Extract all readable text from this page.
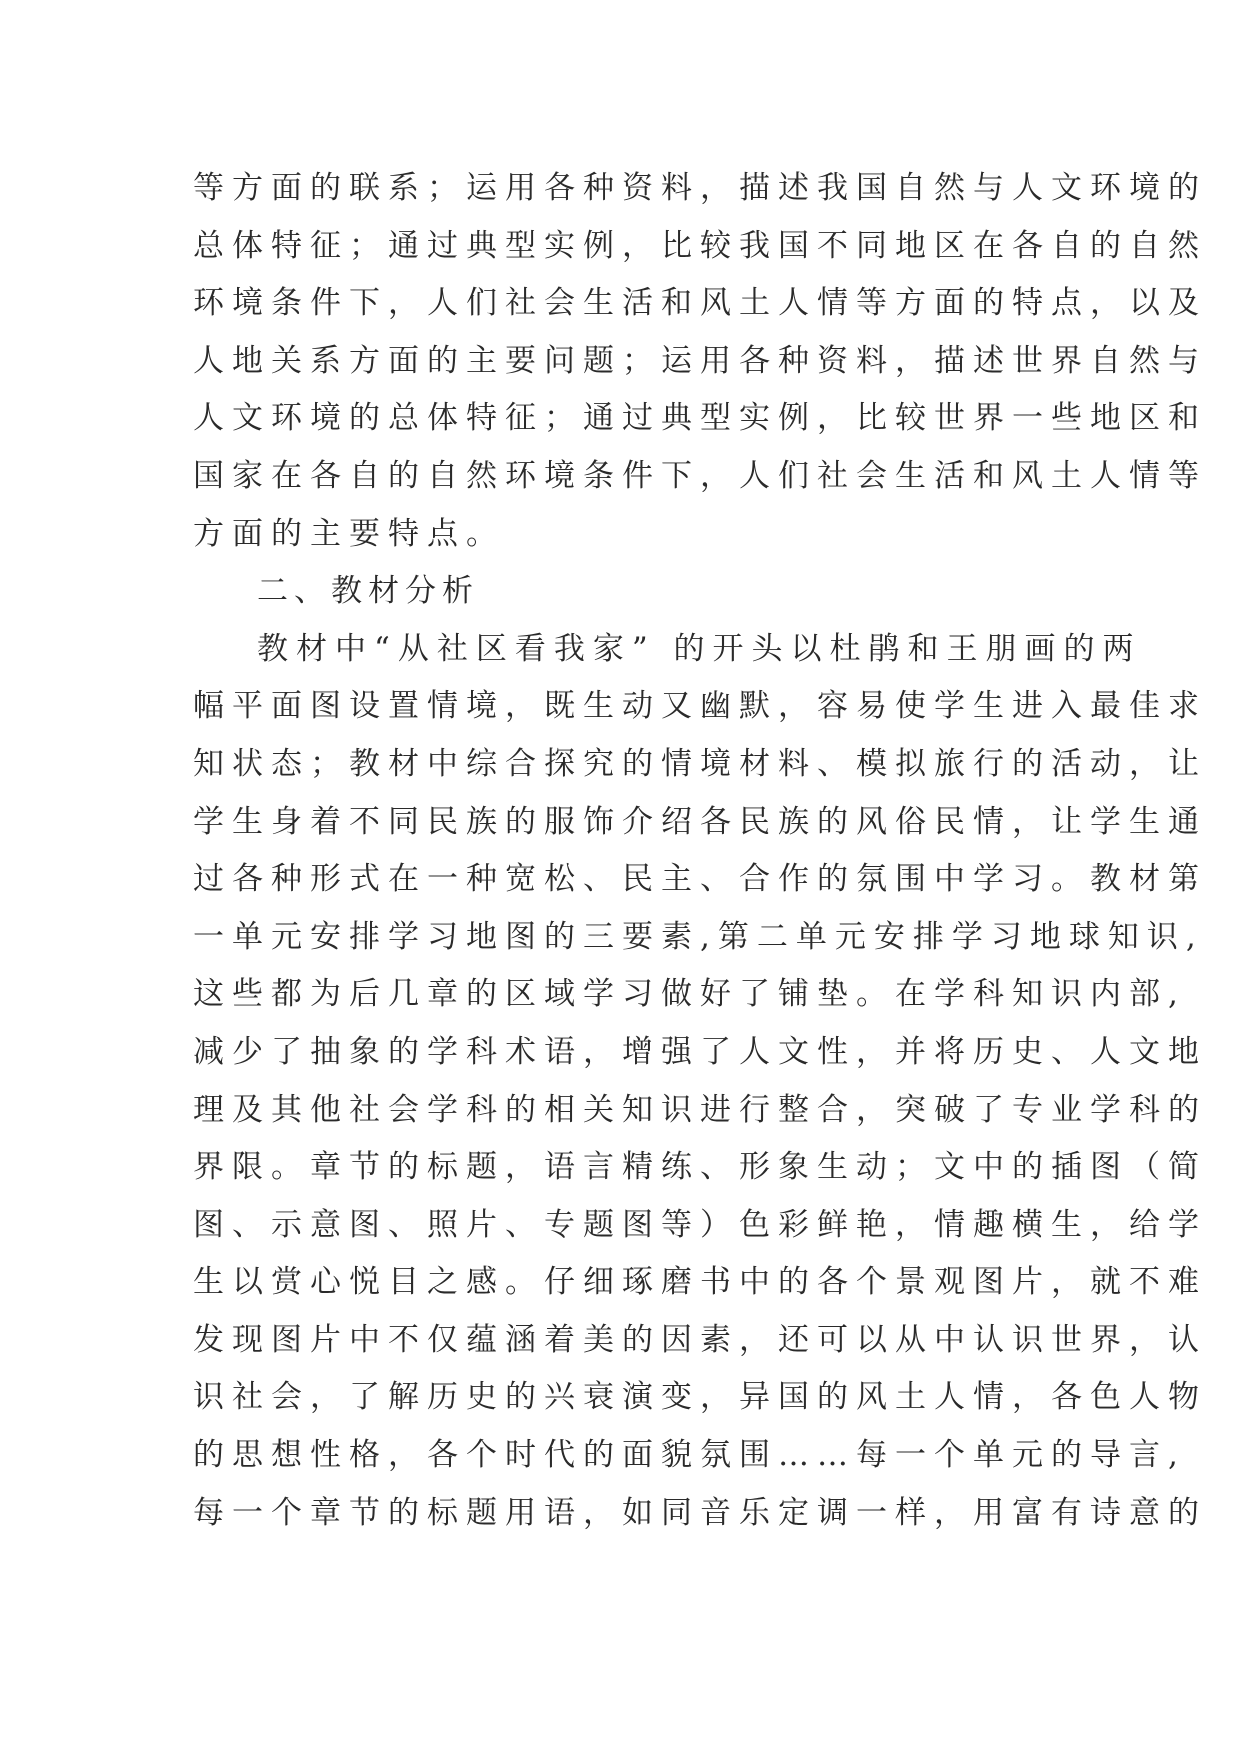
等方面的联系；运用各种资料，描述我国自然与人文环境的
总体特征；通过典型实例，比较我国不同地区在各自的自然
环境条件下，人们社会生活和风土人情等方面的特点，以及
人地关系方面的主要问题；运用各种资料，描述世界自然与
人文环境的总体特征；通过典型实例，比较世界一些地区和
国家在各自的自然环境条件下，人们社会生活和风土人情等
方面的主要特点。
二、教材分析
教材中“从社区看我家” 的开头以杜鹃和王朋画的两
幅平面图设置情境，既生动又幽默，容易使学生进入最佳求
知状态；教材中综合探究的情境材料、模拟旅行的活动，让
学生身着不同民族的服饰介绍各民族的风俗民情，让学生通
过各种形式在一种宽松、民主、合作的氛围中学习。教材第
一单元安排学习地图的三要素,第二单元安排学习地球知识,
这些都为后几章的区域学习做好了铺垫。在学科知识内部,
减少了抽象的学科术语，增强了人文性，并将历史、人文地
理及其他社会学科的相关知识进行整合，突破了专业学科的
界限。章节的标题，语言精练、形象生动；文中的插图（简
图、示意图、照片、专题图等）色彩鲜艳，情趣横生，给学
生以赏心悦目之感。仔细琢磨书中的各个景观图片，就不难
发现图片中不仅蕴涵着美的因素，还可以从中认识世界，认
识社会，了解历史的兴衰演变，异国的风土人情，各色人物
的思想性格，各个时代的面貌氛围……每一个单元的导言,
每一个章节的标题用语，如同音乐定调一样，用富有诗意的
